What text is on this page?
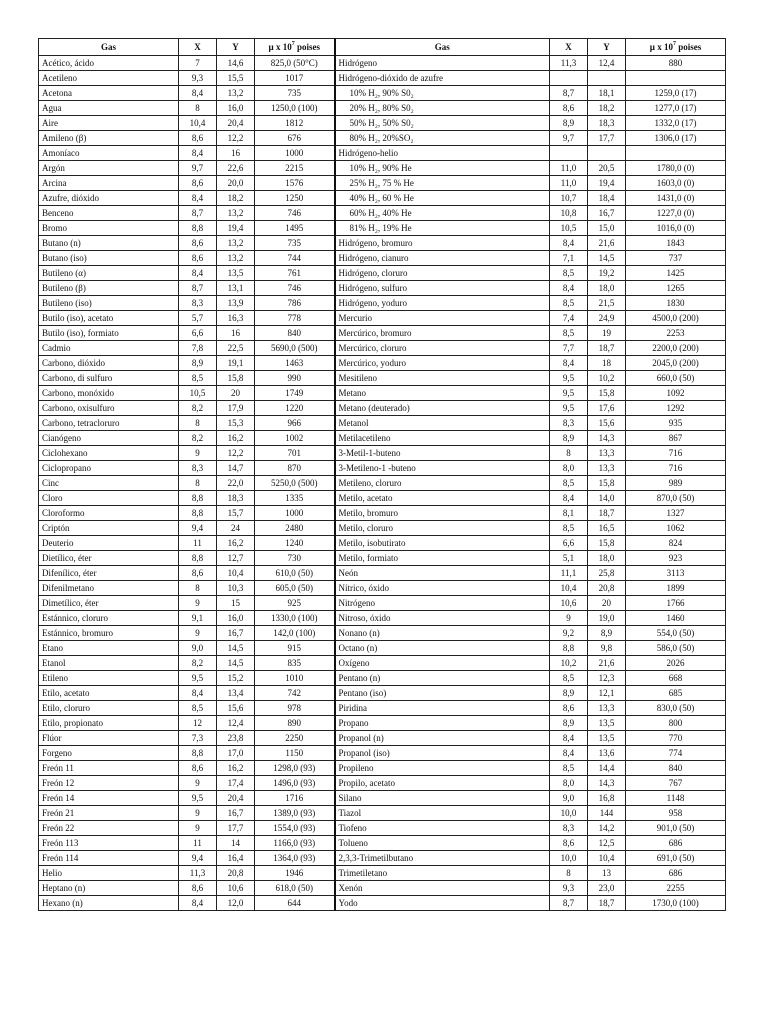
Gas	X	Y	µ x $10^7$ poises	Gas	X	Y	µ x $10^7$ poises
Acético, ácido	7	14,6	825,0 (50°C)	Hidrógeno	11,3	12,4	880
Acetileno	9,3	15,5	1017	Hidrógeno-dióxido de azufre			
Acetona	8,4	13,2	735	10% H₂, 90% S0₂	8,7	18,1	1259,0 (17)
Agua	8	16,0	1250,0 (100)	20% H₂, 80% S0₂	8,6	18,2	1277,0 (17)
Aire	10,4	20,4	1812	50% H₂, 50% S0₂	8,9	18,3	1332,0 (17)
Amileno (β)	8,6	12,2	676	80% H₂, 20%SO₂	9,7	17,7	1306,0 (17)
Amoníaco	8,4	16	1000	Hidrógeno-helio			
Argón	9,7	22,6	2215	10% H₂, 90% He	11,0	20,5	1780,0 (0)
Arcina	8,6	20,0	1576	25% H₂, 75 % He	11,0	19,4	1603,0 (0)
Azufre, dióxido	8,4	18,2	1250	40% H₂, 60 % He	10,7	18,4	1431,0 (0)
Benceno	8,7	13,2	746	60% H₂, 40% He	10,8	16,7	1227,0 (0)
Bromo	8,8	19,4	1495	81% H₂, 19% He	10,5	15,0	1016,0 (0)
Butano (n)	8,6	13,2	735	Hidrógeno, bromuro	8,4	21,6	1843
Butano (iso)	8,6	13,2	744	Hidrógeno, cianuro	7,1	14,5	737
Butileno (α)	8,4	13,5	761	Hidrógeno, cloruro	8,5	19,2	1425
Butileno (β)	8,7	13,1	746	Hidrógeno, sulfuro	8,4	18,0	1265
Butileno (iso)	8,3	13,9	786	Hidrógeno, yoduro	8,5	21,5	1830
Butilo (iso), acetato	5,7	16,3	778	Mercurio	7,4	24,9	4500,0 (200)
Butilo (iso), formiato	6,6	16	840	Mercúrico, bromuro	8,5	19	2253
Cadmio	7,8	22,5	5690,0 (500)	Mercúrico, cloruro	7,7	18,7	2200,0 (200)
Carbono, dióxido	8,9	19,1	1463	Mercúrico, yoduro	8,4	18	2045,0 (200)
Carbono, di sulfuro	8,5	15,8	990	Mesitileno	9,5	10,2	660,0 (50)
Carbono, monóxido	10,5	20	1749	Metano	9,5	15,8	1092
Carbono, oxisulfuro	8,2	17,9	1220	Metano (deuterado)	9,5	17,6	1292
Carbono, tetracloruro	8	15,3	966	Metanol	8,3	15,6	935
Cianógeno	8,2	16,2	1002	Metilacetileno	8,9	14,3	867
Ciclohexano	9	12,2	701	3-Metil-1-buteno	8	13,3	716
Ciclopropano	8,3	14,7	870	3-Metileno-1 -buteno	8,0	13,3	716
Cinc	8	22,0	5250,0 (500)	Metileno, cloruro	8,5	15,8	989
Cloro	8,8	18,3	1335	Metilo, acetato	8,4	14,0	870,0 (50)
Cloroformo	8,8	15,7	1000	Metilo, bromuro	8,1	18,7	1327
Criptón	9,4	24	2480	Metilo, cloruro	8,5	16,5	1062
Deuterio	11	16,2	1240	Metilo, isobutirato	6,6	15,8	824
Dietílico, éter	8,8	12,7	730	Metilo, formiato	5,1	18,0	923
Difenílico, éter	8,6	10,4	610,0 (50)	Neón	11,1	25,8	3113
Difenilmetano	8	10,3	605,0 (50)	Nítrico, óxido	10,4	20,8	1899
Dimetílico, éter	9	15	925	Nitrógeno	10,6	20	1766
Estánnico, cloruro	9,1	16,0	1330,0 (100)	Nitroso, óxido	9	19,0	1460
Estánnico, bromuro	9	16,7	142,0 (100)	Nonano (n)	9,2	8,9	554,0 (50)
Etano	9,0	14,5	915	Octano (n)	8,8	9,8	586,0 (50)
Etanol	8,2	14,5	835	Oxígeno	10,2	21,6	2026
Etileno	9,5	15,2	1010	Pentano (n)	8,5	12,3	668
Etilo, acetato	8,4	13,4	742	Pentano (iso)	8,9	12,1	685
Etilo, cloruro	8,5	15,6	978	Piridina	8,6	13,3	830,0 (50)
Etilo, propionato	12	12,4	890	Propano	8,9	13,5	800
Flúor	7,3	23,8	2250	Propanol (n)	8,4	13,5	770
Forgeno	8,8	17,0	1150	Propanol (iso)	8,4	13,6	774
Freón 11	8,6	16,2	1298,0 (93)	Propileno	8,5	14,4	840
Freón 12	9	17,4	1496,0 (93)	Propilo, acetato	8,0	14,3	767
Freón 14	9,5	20,4	1716	Silano	9,0	16,8	1148
Freón 21	9	16,7	1389,0 (93)	Tiazol	10,0	144	958
Freón 22	9	17,7	1554,0 (93)	Tiofeno	8,3	14,2	901,0 (50)
Freón 113	11	14	1166,0 (93)	Tolueno	8,6	12,5	686
Freón 114	9,4	16,4	1364,0 (93)	2,3,3-Trimetilbutano	10,0	10,4	691,0 (50)
Helio	11,3	20,8	1946	Trimetiletano	8	13	686
Heptano (n)	8,6	10,6	618,0 (50)	Xenón	9,3	23,0	2255
Hexano (n)	8,4	12,0	644	Yodo	8,7	18,7	1730,0 (100)
